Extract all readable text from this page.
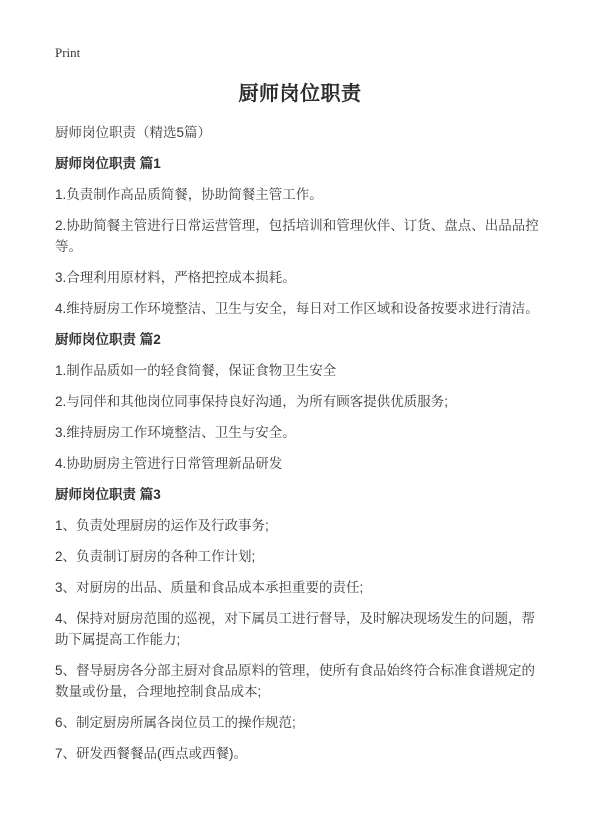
Print
厨师岗位职责

厨师岗位职责（精选5篇）

厨师岗位职责 篇1

1.负责制作高品质简餐，协助简餐主管工作。

2.协助简餐主管进行日常运营管理，包括培训和管理伙伴、订货、盘点、出品品控等。

3.合理利用原材料，严格把控成本损耗。

4.维持厨房工作环境整洁、卫生与安全，每日对工作区域和设备按要求进行清洁。

厨师岗位职责 篇2

1.制作品质如一的轻食简餐，保证食物卫生安全

2.与同伴和其他岗位同事保持良好沟通，为所有顾客提供优质服务;

3.维持厨房工作环境整洁、卫生与安全。

4.协助厨房主管进行日常管理新品研发

厨师岗位职责 篇3

1、负责处理厨房的运作及行政事务;

2、负责制订厨房的各种工作计划;

3、对厨房的出品、质量和食品成本承担重要的责任;

4、保持对厨房范围的巡视，对下属员工进行督导，及时解决现场发生的问题，帮助下属提高工作能力;

5、督导厨房各分部主厨对食品原料的管理，使所有食品始终符合标准食谱规定的数量或份量，合理地控制食品成本;

6、制定厨房所属各岗位员工的操作规范;

7、研发西餐餐品(西点或西餐)。
